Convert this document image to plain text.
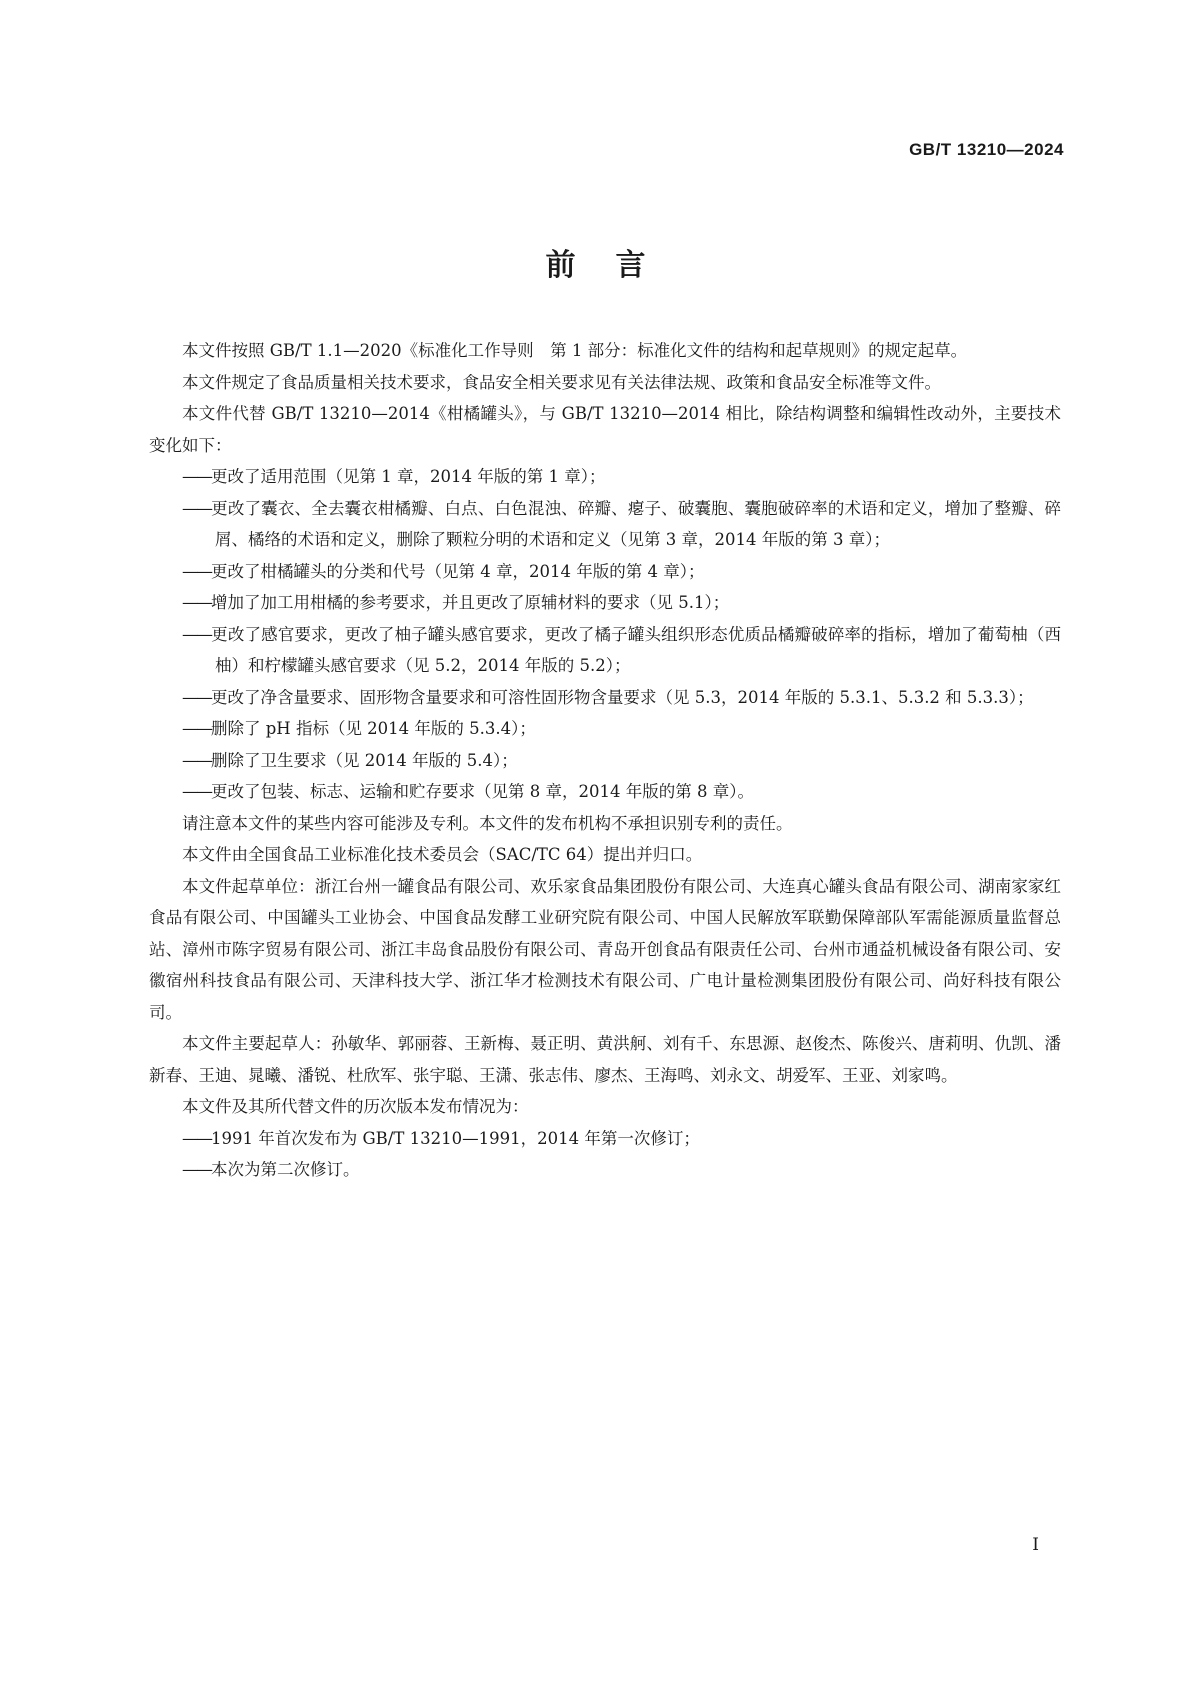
GB/T 13210—2024
前言

本文件按照 GB/T 1.1—2020《标准化工作导则　第 1 部分：标准化文件的结构和起草规则》的规定起草。

本文件规定了食品质量相关技术要求，食品安全相关要求见有关法律法规、政策和食品安全标准等文件。

本文件代替 GB/T 13210—2014《柑橘罐头》，与 GB/T 13210—2014 相比，除结构调整和编辑性改动外，主要技术变化如下：

——更改了适用范围（见第 1 章，2014 年版的第 1 章）；

——更改了囊衣、全去囊衣柑橘瓣、白点、白色混浊、碎瓣、瘪子、破囊胞、囊胞破碎率的术语和定义，增加了整瓣、碎屑、橘络的术语和定义，删除了颗粒分明的术语和定义（见第 3 章，2014 年版的第 3 章）；

——更改了柑橘罐头的分类和代号（见第 4 章，2014 年版的第 4 章）；

——增加了加工用柑橘的参考要求，并且更改了原辅材料的要求（见 5.1）；

——更改了感官要求，更改了柚子罐头感官要求，更改了橘子罐头组织形态优质品橘瓣破碎率的指标，增加了葡萄柚（西柚）和柠檬罐头感官要求（见 5.2，2014 年版的 5.2）；

——更改了净含量要求、固形物含量要求和可溶性固形物含量要求（见 5.3，2014 年版的 5.3.1、5.3.2 和 5.3.3）；

——删除了 pH 指标（见 2014 年版的 5.3.4）；

——删除了卫生要求（见 2014 年版的 5.4）；

——更改了包装、标志、运输和贮存要求（见第 8 章，2014 年版的第 8 章）。

请注意本文件的某些内容可能涉及专利。本文件的发布机构不承担识别专利的责任。

本文件由全国食品工业标准化技术委员会（SAC/TC 64）提出并归口。

本文件起草单位：浙江台州一罐食品有限公司、欢乐家食品集团股份有限公司、大连真心罐头食品有限公司、湖南家家红食品有限公司、中国罐头工业协会、中国食品发酵工业研究院有限公司、中国人民解放军联勤保障部队军需能源质量监督总站、漳州市陈字贸易有限公司、浙江丰岛食品股份有限公司、青岛开创食品有限责任公司、台州市通益机械设备有限公司、安徽宿州科技食品有限公司、天津科技大学、浙江华才检测技术有限公司、广电计量检测集团股份有限公司、尚好科技有限公司。

本文件主要起草人：孙敏华、郭丽蓉、王新梅、聂正明、黄洪舸、刘有千、东思源、赵俊杰、陈俊兴、唐莉明、仇凯、潘新春、王迪、晁曦、潘锐、杜欣军、张宇聪、王潇、张志伟、廖杰、王海鸣、刘永文、胡爱军、王亚、刘家鸣。

本文件及其所代替文件的历次版本发布情况为：

——1991 年首次发布为 GB/T 13210—1991，2014 年第一次修订；

——本次为第二次修订。

Ⅰ
